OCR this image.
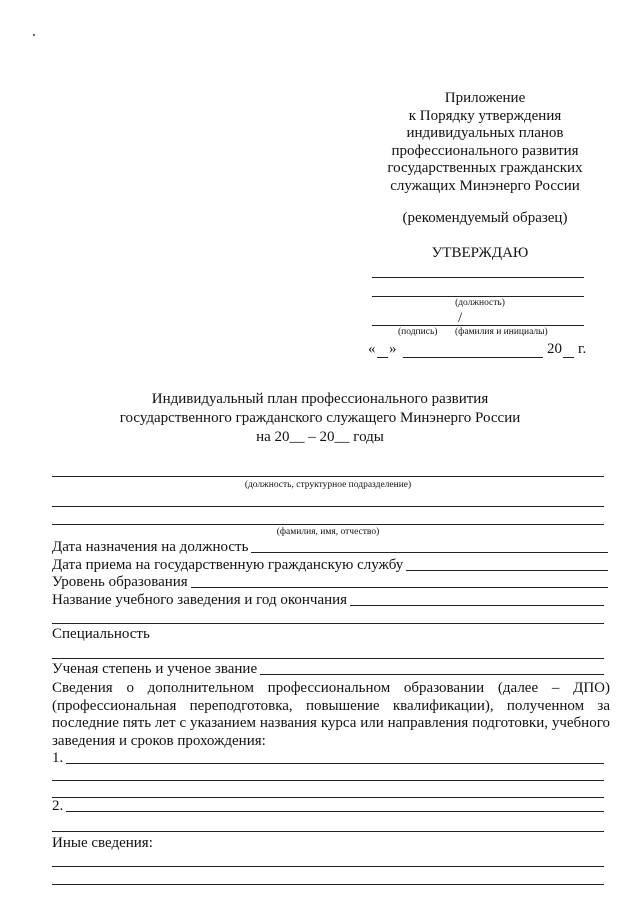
Приложение
к Порядку утверждения
индивидуальных планов
профессионального развития
государственных гражданских
служащих Минэнерго России
(рекомендуемый образец)
УТВЕРЖДАЮ
(должность)
/
(подпись) (фамилия и инициалы)
« »	20 г.
Индивидуальный план профессионального развития
государственного гражданского служащего Минэнерго России
на 20__ – 20__ годы
(должность, структурное подразделение)
(фамилия, имя, отчество)
Дата назначения на должность
Дата приема на государственную гражданскую службу
Уровень образования
Название учебного заведения и год окончания
Специальность
Ученая степень и ученое звание
Сведения о дополнительном профессиональном образовании (далее – ДПО) (профессиональная переподготовка, повышение квалификации), полученном за последние пять лет с указанием названия курса или направления подготовки, учебного заведения и сроков прохождения:
1.
2.
Иные сведения:
